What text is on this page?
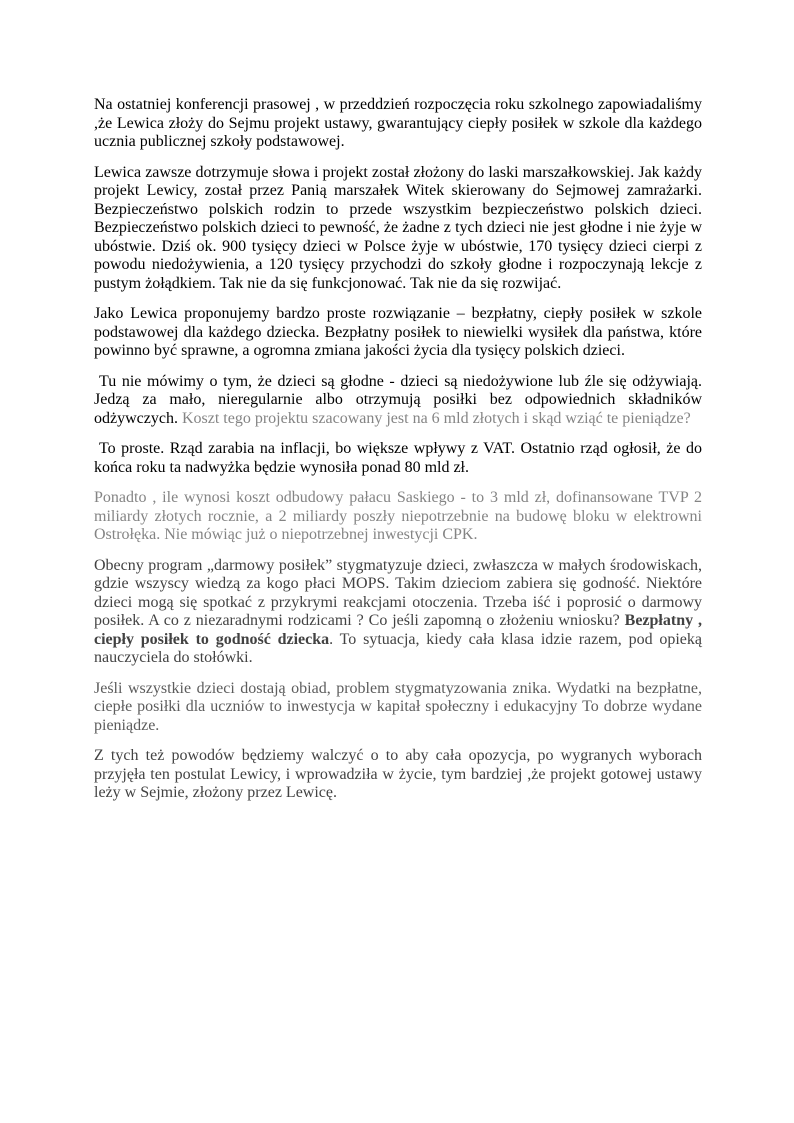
Na ostatniej konferencji prasowej , w przeddzień rozpoczęcia roku szkolnego zapowiadaliśmy ,że Lewica złoży do Sejmu projekt ustawy, gwarantujący ciepły posiłek w szkole dla każdego ucznia publicznej szkoły podstawowej.

Lewica zawsze dotrzymuje słowa i projekt został złożony do laski marszałkowskiej. Jak każdy projekt Lewicy, został przez Panią marszałek Witek skierowany do Sejmowej zamrażarki. Bezpieczeństwo polskich rodzin to przede wszystkim bezpieczeństwo polskich dzieci. Bezpieczeństwo polskich dzieci to pewność, że żadne z tych dzieci nie jest głodne i nie żyje w ubóstwie. Dziś ok. 900 tysięcy dzieci w Polsce żyje w ubóstwie, 170 tysięcy dzieci cierpi z powodu niedożywienia, a 120 tysięcy przychodzi do szkoły głodne i rozpoczynają lekcje z pustym żołądkiem. Tak nie da się funkcjonować. Tak nie da się rozwijać.

Jako Lewica proponujemy bardzo proste rozwiązanie – bezpłatny, ciepły posiłek w szkole podstawowej dla każdego dziecka. Bezpłatny posiłek to niewielki wysiłek dla państwa, które powinno być sprawne, a ogromna zmiana jakości życia dla tysięcy polskich dzieci.

Tu nie mówimy o tym, że dzieci są głodne - dzieci są niedożywione lub źle się odżywiają. Jedzą za mało, nieregularnie albo otrzymują posiłki bez odpowiednich składników odżywczych. Koszt tego projektu szacowany jest na 6 mld złotych i skąd wziąć te pieniądze?

To proste. Rząd zarabia na inflacji, bo większe wpływy z VAT. Ostatnio rząd ogłosił, że do końca roku ta nadwyżka będzie wynosiła ponad 80 mld zł.

Ponadto , ile wynosi koszt odbudowy pałacu Saskiego - to 3 mld zł, dofinansowane TVP 2 miliardy złotych rocznie, a 2 miliardy poszły niepotrzebnie na budowę bloku w elektrowni Ostrołęka. Nie mówiąc już o niepotrzebnej inwestycji CPK.

Obecny program „darmowy posiłek” stygmatyzuje dzieci, zwłaszcza w małych środowiskach, gdzie wszyscy wiedzą za kogo płaci MOPS. Takim dzieciom zabiera się godność. Niektóre dzieci mogą się spotkać z przykrymi reakcjami otoczenia. Trzeba iść i poprosić o darmowy posiłek. A co z niezaradnymi rodzicami ? Co jeśli zapomną o złożeniu wniosku? Bezpłatny , ciepły posiłek to godność dziecka. To sytuacja, kiedy cała klasa idzie razem, pod opieką nauczyciela do stołówki.

Jeśli wszystkie dzieci dostają obiad, problem stygmatyzowania znika. Wydatki na bezpłatne, ciepłe posiłki dla uczniów to inwestycja w kapitał społeczny i edukacyjny To dobrze wydane pieniądze.

Z tych też powodów będziemy walczyć o to aby cała opozycja, po wygranych wyborach przyjęła ten postulat Lewicy, i wprowadziła w życie, tym bardziej ,że projekt gotowej ustawy leży w Sejmie, złożony przez Lewicę.
